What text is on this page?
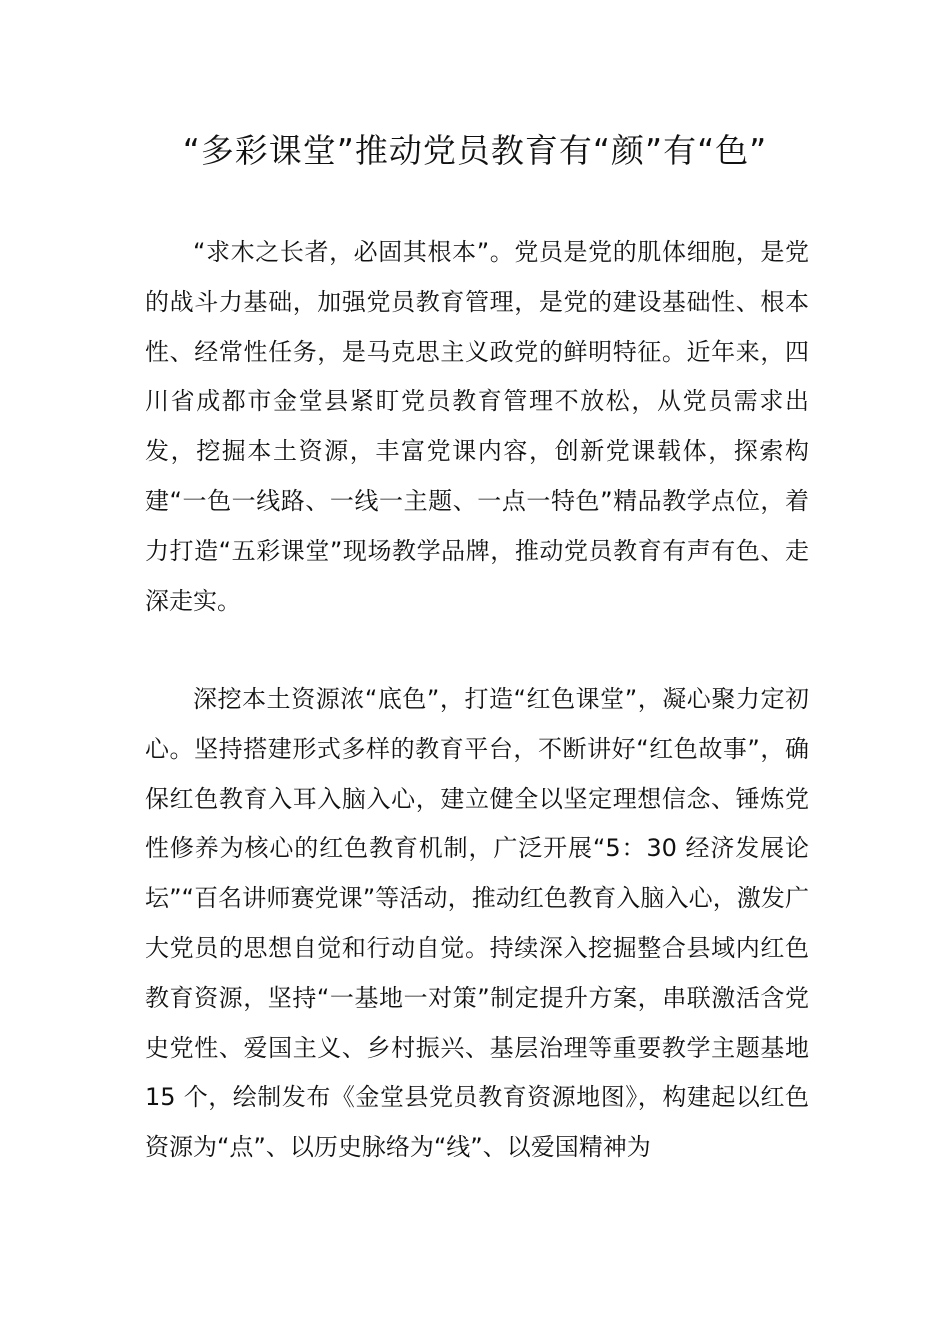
“多彩课堂”推动党员教育有“颜”有“色”

“求木之长者，必固其根本”。党员是党的肌体细胞，是党的战斗力基础，加强党员教育管理，是党的建设基础性、根本性、经常性任务，是马克思主义政党的鲜明特征。近年来，四川省成都市金堂县紧盯党员教育管理不放松，从党员需求出发，挖掘本土资源，丰富党课内容，创新党课载体，探索构建“一色一线路、一线一主题、一点一特色”精品教学点位，着力打造“五彩课堂”现场教学品牌，推动党员教育有声有色、走深走实。

深挖本土资源浓“底色”，打造“红色课堂”，凝心聚力定初心。坚持搭建形式多样的教育平台，不断讲好“红色故事”，确保红色教育入耳入脑入心，建立健全以坚定理想信念、锤炼党性修养为核心的红色教育机制，广泛开展“5：30 经济发展论坛”“百名讲师赛党课”等活动，推动红色教育入脑入心，激发广大党员的思想自觉和行动自觉。持续深入挖掘整合县域内红色教育资源，坚持“一基地一对策”制定提升方案，串联激活含党史党性、爱国主义、乡村振兴、基层治理等重要教学主题基地 15 个，绘制发布《金堂县党员教育资源地图》，构建起以红色资源为“点”、以历史脉络为“线”、以爱国精神为
